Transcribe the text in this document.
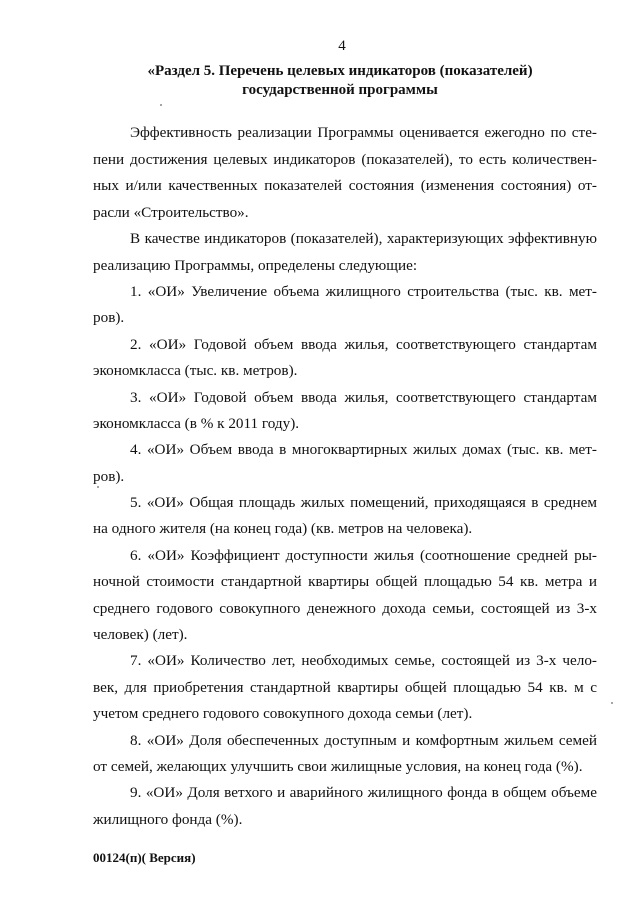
4
«Раздел 5. Перечень целевых индикаторов (показателей)
государственной программы
Эффективность реализации Программы оценивается ежегодно по сте-
пени достижения целевых индикаторов (показателей), то есть количествен-
ных и/или качественных показателей состояния (изменения состояния) от-
расли «Строительство».
В качестве индикаторов (показателей), характеризующих эффективную
реализацию Программы, определены следующие:
1. «ОИ» Увеличение объема жилищного строительства (тыс. кв. мет-
ров).
2. «ОИ» Годовой объем ввода жилья, соответствующего стандартам
экономкласса (тыс. кв. метров).
3. «ОИ» Годовой объем ввода жилья, соответствующего стандартам
экономкласса (в % к 2011 году).
4. «ОИ» Объем ввода в многоквартирных жилых домах (тыс. кв. мет-
ров).
5. «ОИ» Общая площадь жилых помещений, приходящаяся в среднем
на одного жителя (на конец года) (кв. метров на человека).
6. «ОИ» Коэффициент доступности жилья (соотношение средней ры-
ночной стоимости стандартной квартиры общей площадью 54 кв. метра и
среднего годового совокупного денежного дохода семьи, состоящей из 3-х
человек) (лет).
7. «ОИ» Количество лет, необходимых семье, состоящей из 3-х чело-
век, для приобретения стандартной квартиры общей площадью 54 кв. м с
учетом среднего годового совокупного дохода семьи (лет).
8. «ОИ» Доля обеспеченных доступным и комфортным жильем семей
от семей, желающих улучшить свои жилищные условия, на конец года (%).
9. «ОИ» Доля ветхого и аварийного жилищного фонда в общем объеме
жилищного фонда (%).
00124(п)( Версия)
